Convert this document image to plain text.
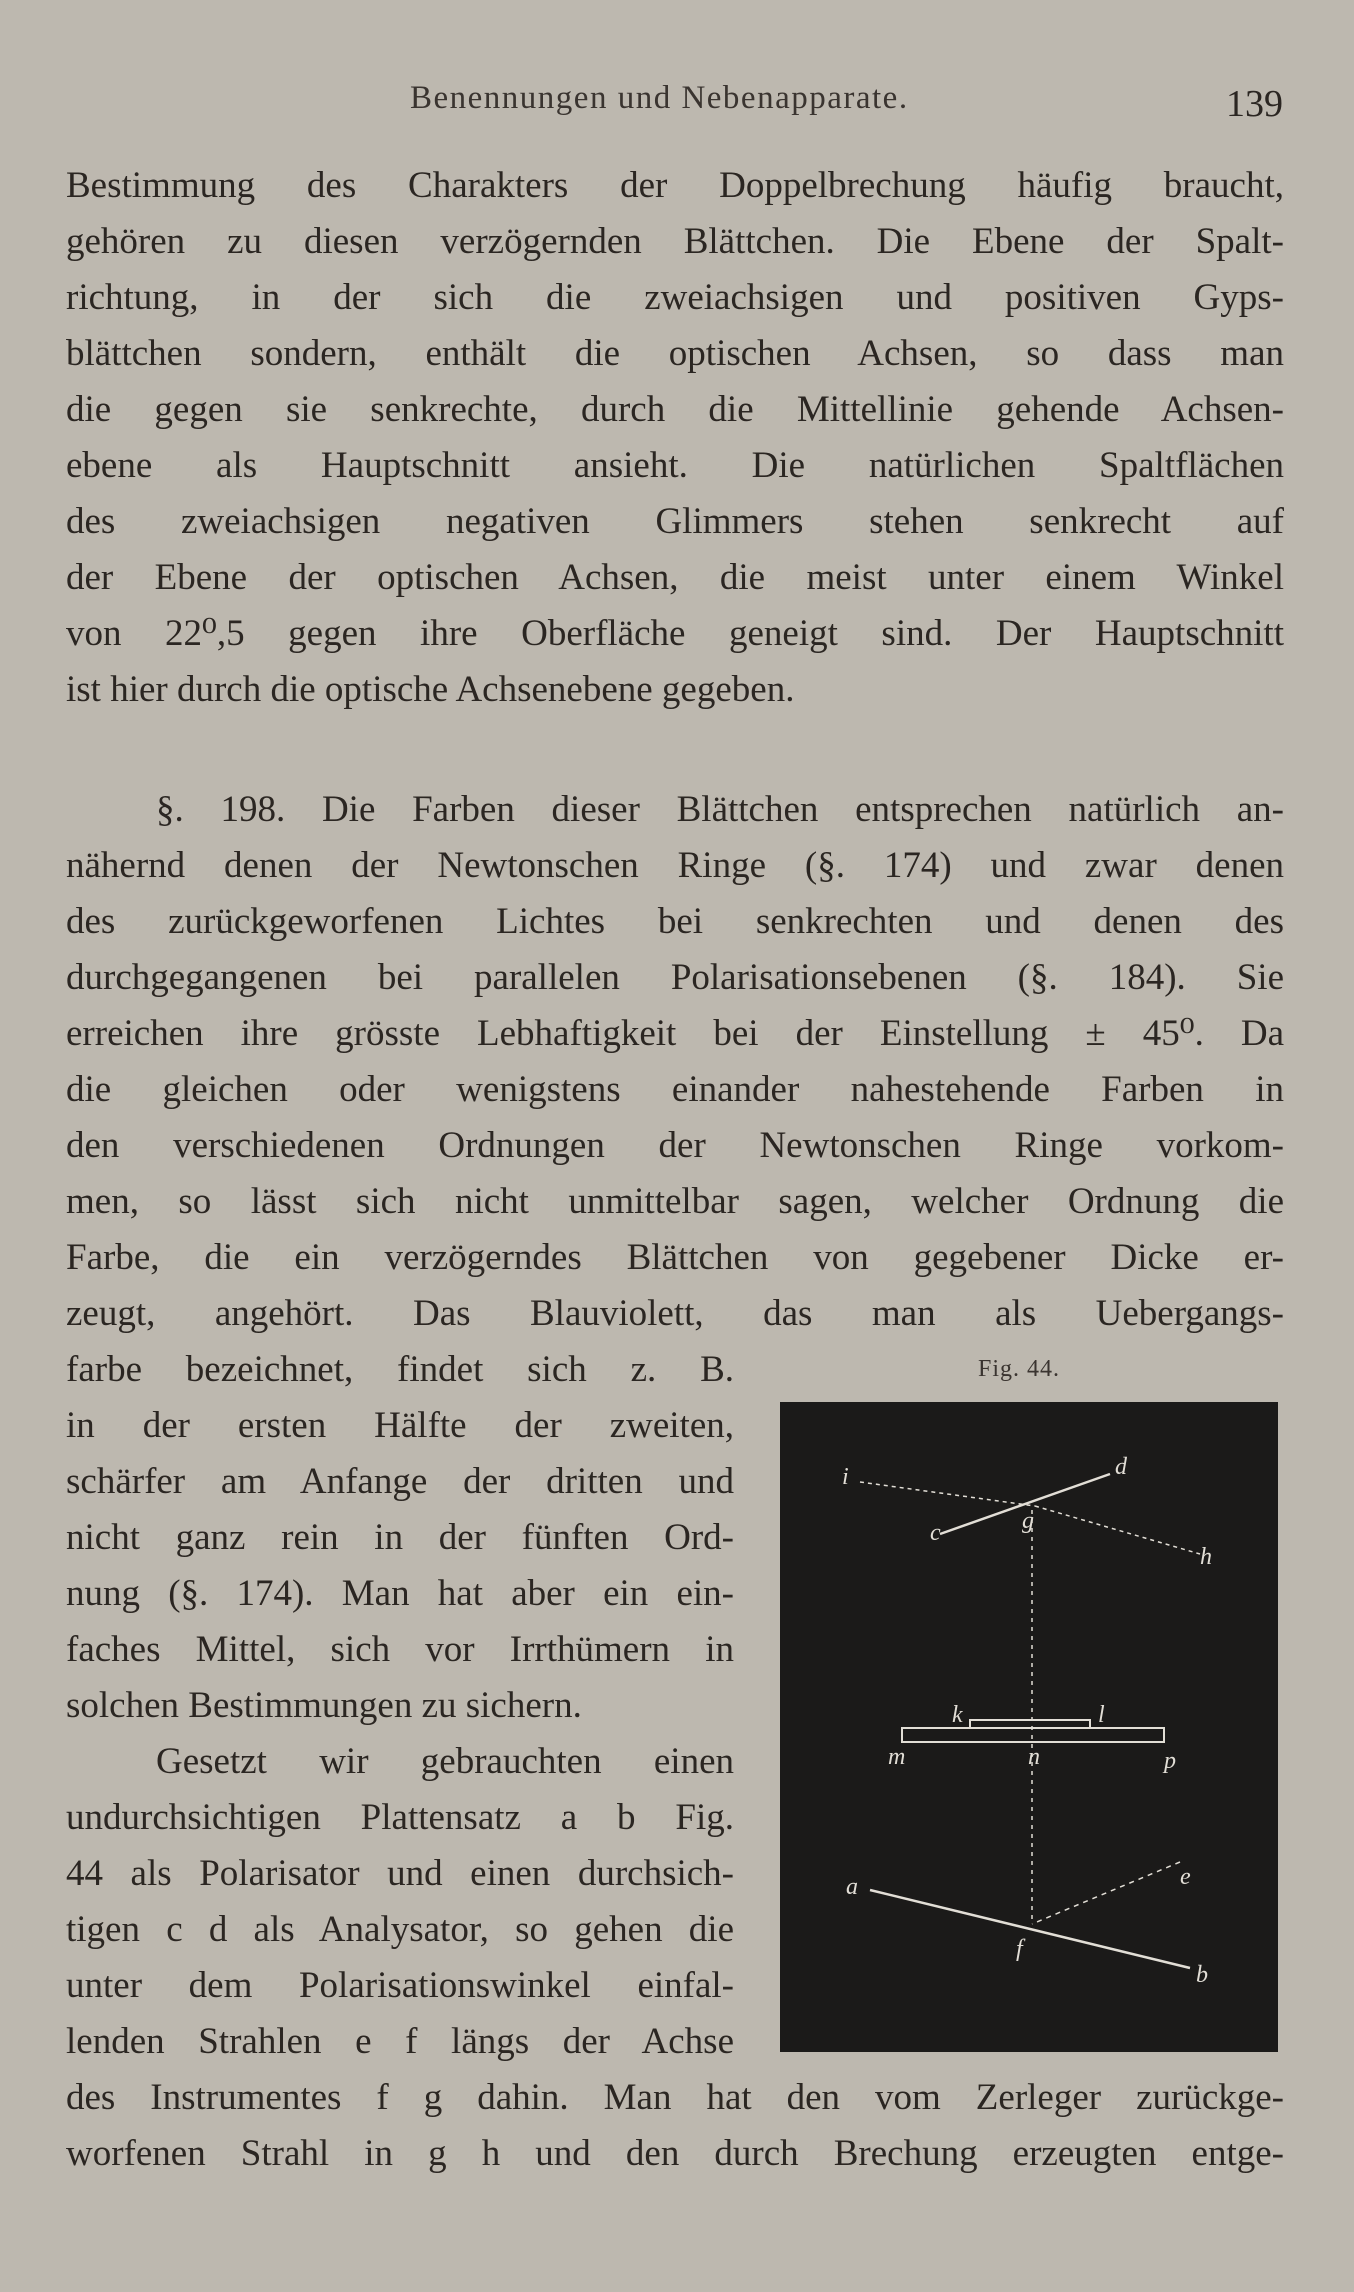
Benennungen und Nebenapparate.	139
Bestimmung des Charakters der Doppelbrechung häufig braucht,
gehören zu diesen verzögernden Blättchen. Die Ebene der Spalt-
richtung, in der sich die zweiachsigen und positiven Gyps-
blättchen sondern, enthält die optischen Achsen, so dass man
die gegen sie senkrechte, durch die Mittellinie gehende Achsen-
ebene als Hauptschnitt ansieht. Die natürlichen Spaltflächen
des zweiachsigen negativen Glimmers stehen senkrecht auf
der Ebene der optischen Achsen, die meist unter einem Winkel
von 22⁰,5 gegen ihre Oberfläche geneigt sind. Der Hauptschnitt
ist hier durch die optische Achsenebene gegeben.
§. 198. Die Farben dieser Blättchen entsprechen natürlich an-
nähernd denen der Newtonschen Ringe (§. 174) und zwar denen
des zurückgeworfenen Lichtes bei senkrechten und denen des
durchgegangenen bei parallelen Polarisationsebenen (§. 184). Sie
erreichen ihre grösste Lebhaftigkeit bei der Einstellung ± 45⁰. Da
die gleichen oder wenigstens einander nahestehende Farben in
den verschiedenen Ordnungen der Newtonschen Ringe vorkom-
men, so lässt sich nicht unmittelbar sagen, welcher Ordnung die
Farbe, die ein verzögerndes Blättchen von gegebener Dicke er-
zeugt, angehört. Das Blauviolett, das man als Uebergangs-
farbe bezeichnet, findet sich z. B.
in der ersten Hälfte der zweiten,
schärfer am Anfange der dritten und
nicht ganz rein in der fünften Ord-
nung (§. 174). Man hat aber ein ein-
faches Mittel, sich vor Irrthümern in
solchen Bestimmungen zu sichern.
Gesetzt wir gebrauchten einen
undurchsichtigen Plattensatz a b Fig.
44 als Polarisator und einen durchsich-
tigen c d als Analysator, so gehen die
unter dem Polarisationswinkel einfal-
lenden Strahlen e f längs der Achse
Fig. 44.
i	d
g
c
h
k	l
m	n	p
a	e
f
b
des Instrumentes f g dahin. Man hat den vom Zerleger zurückge-
worfenen Strahl in g h und den durch Brechung erzeugten entge-
